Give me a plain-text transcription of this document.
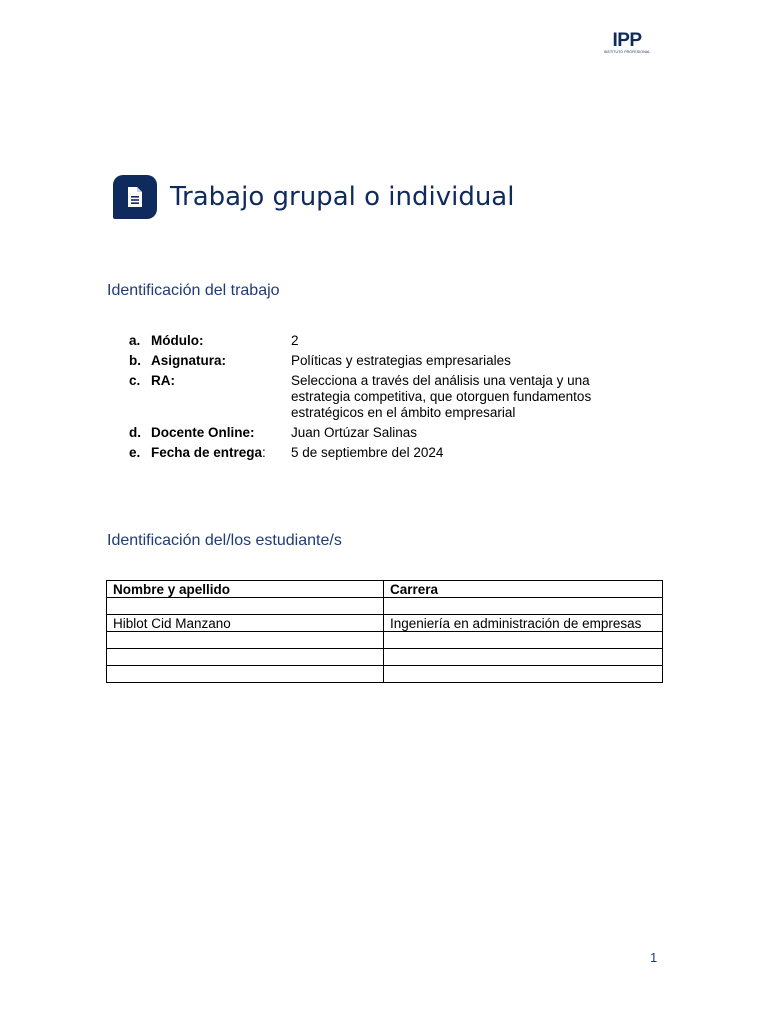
IPP
INSTITUTO PROFESIONAL
Trabajo grupal o individual
Identificación del trabajo
a. Módulo:	2
b. Asignatura:	Políticas y estrategias empresariales
c. RA:	Selecciona a través del análisis una ventaja y una estrategia competitiva, que otorguen fundamentos estratégicos en el ámbito empresarial
d. Docente Online:	Juan Ortúzar Salinas
e. Fecha de entrega:	5 de septiembre del 2024
Identificación del/los estudiante/s
Nombre y apellido	Carrera

Hiblot Cid Manzano	Ingeniería en administración de empresas

1
